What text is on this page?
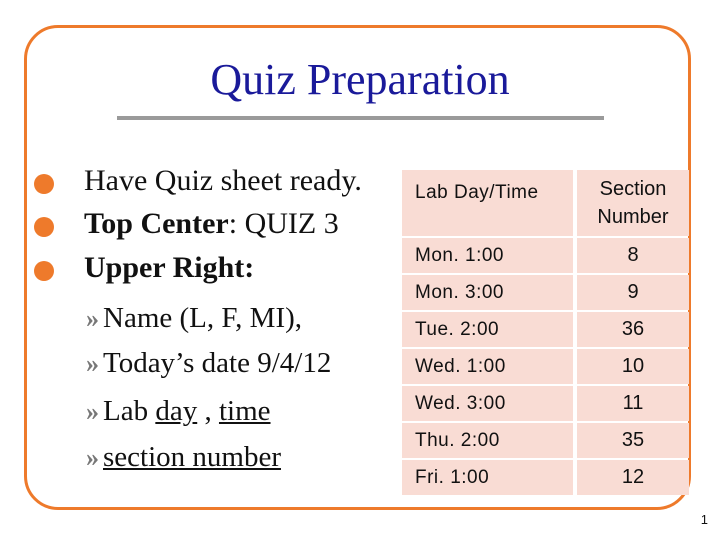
Quiz Preparation
Have Quiz sheet ready.
Top Center: QUIZ 3
Upper Right:
» Name (L, F, MI),
» Today’s date 9/4/12
» Lab day , time
» section number
Lab Day/Time	Section
Number
Mon. 1:00	8
Mon. 3:00	9
Tue. 2:00	36
Wed. 1:00	10
Wed. 3:00	11
Thu. 2:00	35
Fri. 1:00	12
1
